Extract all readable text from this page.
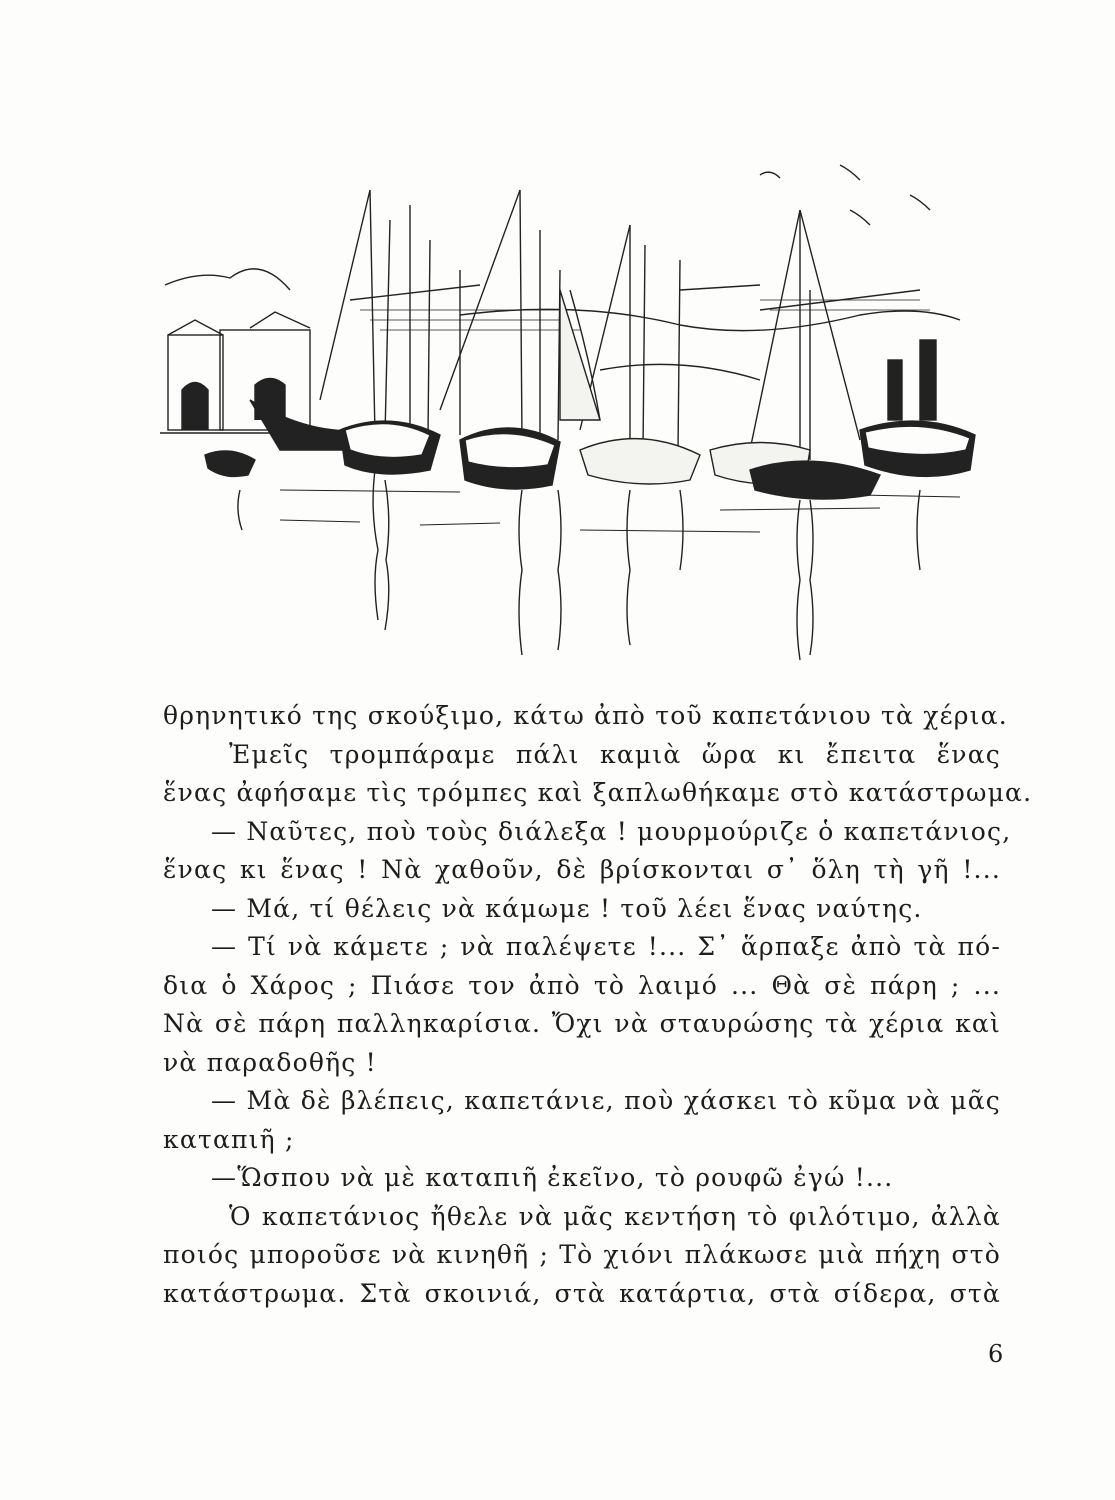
θρηνητικό της σκούξιμο, κάτω ἀπὸ τοῦ καπετάνιου τὰ χέρια.
Ἐμεῖς τρομπάραμε πάλι καμιὰ ὥρα κι ἔπειτα ἕνας
ἕνας ἀφήσαμε τὶς τρόμπες καὶ ξαπλωθήκαμε στὸ κατάστρωμα.
— Ναῦτες, ποὺ τοὺς διάλεξα ! μουρμούριζε ὁ καπετάνιος,
ἕνας κι ἕνας ! Νὰ χαθοῦν, δὲ βρίσκονται σ᾽ ὅλη τὴ γῆ !...
— Μά, τί θέλεις νὰ κάμωμε ! τοῦ λέει ἕνας ναύτης.
— Τί νὰ κάμετε ; νὰ παλέψετε !... Σ᾽ ἅρπαξε ἀπὸ τὰ πό-
δια ὁ Χάρος ; Πιάσε τον ἀπὸ τὸ λαιμό ... Θὰ σὲ πάρη ; ...
Νὰ σὲ πάρη παλληκαρίσια. Ὄχι νὰ σταυρώσης τὰ χέρια καὶ
νὰ παραδοθῆς !
— Μὰ δὲ βλέπεις, καπετάνιε, ποὺ χάσκει τὸ κῦμα νὰ μᾶς
καταπιῆ ;
—Ὥσπου νὰ μὲ καταπιῆ ἐκεῖνο, τὸ ρουφῶ ἐγώ !...
Ὁ καπετάνιος ἤθελε νὰ μᾶς κεντήση τὸ φιλότιμο, ἀλλὰ
ποιός μποροῦσε νὰ κινηθῆ ; Τὸ χιόνι πλάκωσε μιὰ πήχη στὸ
κατάστρωμα. Στὰ σκοινιά, στὰ κατάρτια, στὰ σίδερα, στὰ
6
